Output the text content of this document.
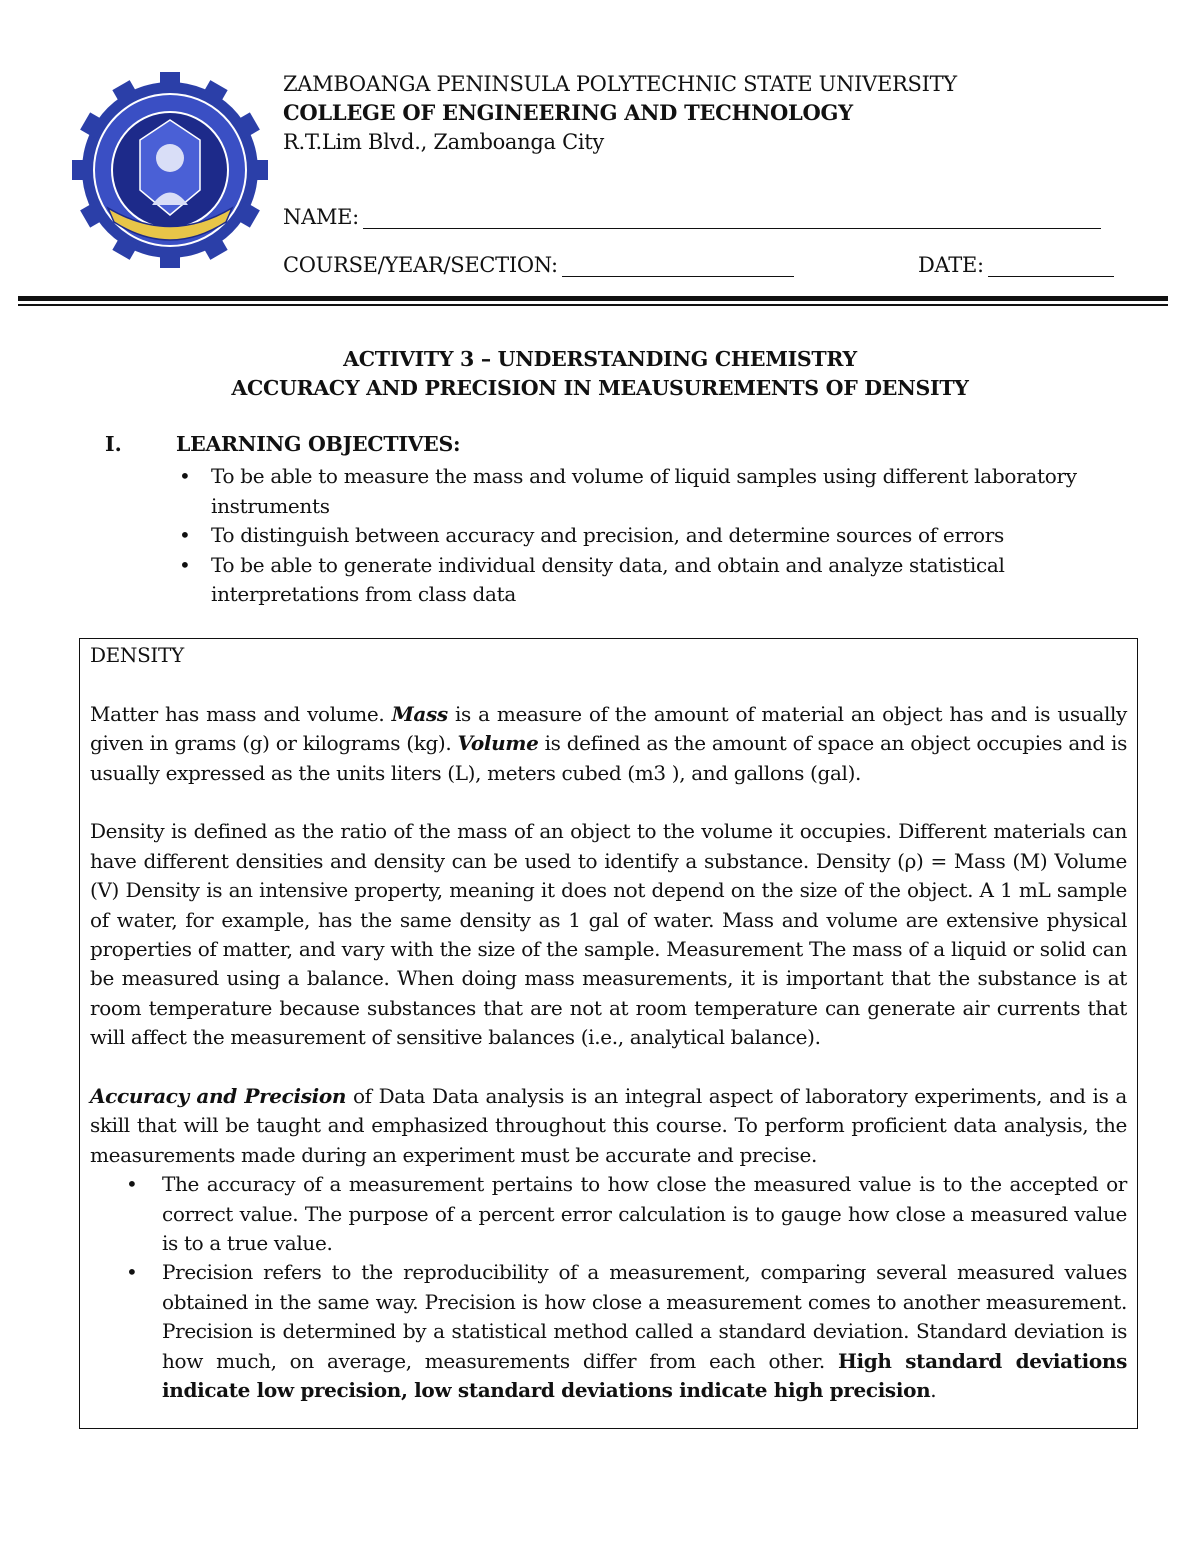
ZAMBOANGA PENINSULA POLYTECHNIC STATE UNIVERSITY
COLLEGE OF ENGINEERING AND TECHNOLOGY
R.T.Lim Blvd., Zamboanga City
NAME:
COURSE/YEAR/SECTION:	DATE:
ACTIVITY 3 – UNDERSTANDING CHEMISTRY
ACCURACY AND PRECISION IN MEAUSUREMENTS OF DENSITY
I.	LEARNING OBJECTIVES:
• To be able to measure the mass and volume of liquid samples using different laboratory instruments
• To distinguish between accuracy and precision, and determine sources of errors
• To be able to generate individual density data, and obtain and analyze statistical interpretations from class data

DENSITY

Matter has mass and volume. Mass is a measure of the amount of material an object has and is usually given in grams (g) or kilograms (kg). Volume is defined as the amount of space an object occupies and is usually expressed as the units liters (L), meters cubed (m3 ), and gallons (gal).

Density is defined as the ratio of the mass of an object to the volume it occupies. Different materials can have different densities and density can be used to identify a substance. Density (ρ) = Mass (M) Volume (V) Density is an intensive property, meaning it does not depend on the size of the object. A 1 mL sample of water, for example, has the same density as 1 gal of water. Mass and volume are extensive physical properties of matter, and vary with the size of the sample. Measurement The mass of a liquid or solid can be measured using a balance. When doing mass measurements, it is important that the substance is at room temperature because substances that are not at room temperature can generate air currents that will affect the measurement of sensitive balances (i.e., analytical balance).

Accuracy and Precision of Data Data analysis is an integral aspect of laboratory experiments, and is a skill that will be taught and emphasized throughout this course. To perform proficient data analysis, the measurements made during an experiment must be accurate and precise.

• The accuracy of a measurement pertains to how close the measured value is to the accepted or correct value. The purpose of a percent error calculation is to gauge how close a measured value is to a true value.
• Precision refers to the reproducibility of a measurement, comparing several measured values obtained in the same way. Precision is how close a measurement comes to another measurement. Precision is determined by a statistical method called a standard deviation. Standard deviation is how much, on average, measurements differ from each other. High standard deviations indicate low precision, low standard deviations indicate high precision.
